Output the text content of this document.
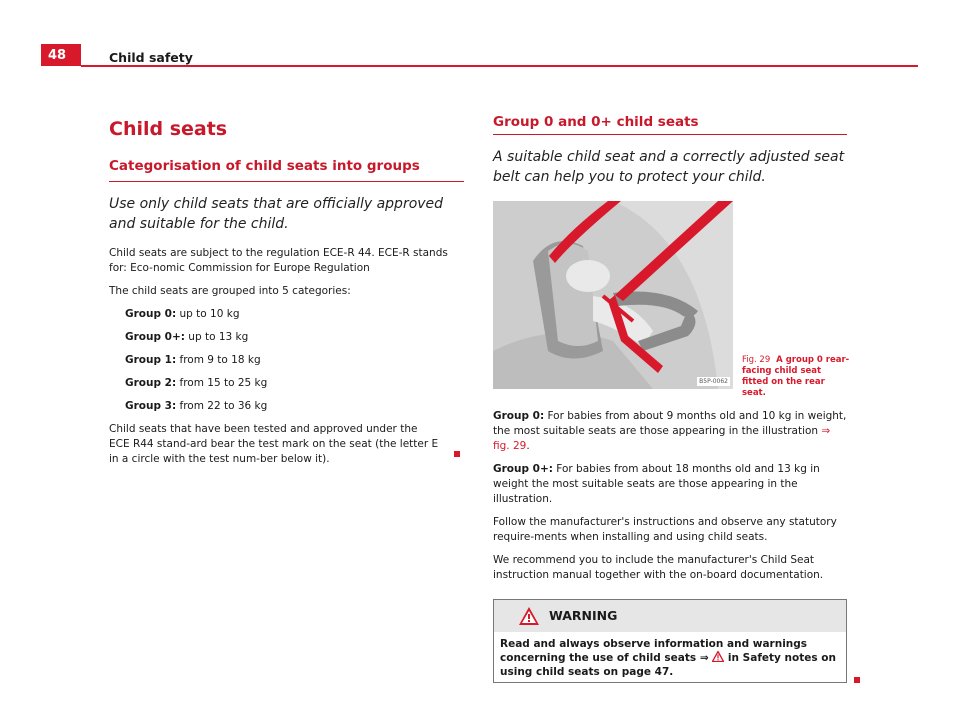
48	Child safety
Child seats
Categorisation of child seats into groups
Use only child seats that are officially approved and suitable for the child.

Child seats are subject to the regulation ECE-R 44. ECE-R stands for: Eco-nomic Commission for Europe Regulation

The child seats are grouped into 5 categories:

Group 0: up to 10 kg
Group 0+: up to 13 kg
Group 1: from 9 to 18 kg
Group 2: from 15 to 25 kg
Group 3: from 22 to 36 kg

Child seats that have been tested and approved under the ECE R44 stand-ard bear the test mark on the seat (the letter E in a circle with the test num-ber below it).

Group 0 and 0+ child seats
A suitable child seat and a correctly adjusted seat belt can help you to protect your child.
B5P-0062
Fig. 29 A group 0 rear-facing child seat fitted on the rear seat.

Group 0: For babies from about 9 months old and 10 kg in weight, the most suitable seats are those appearing in the illustration ⇒ fig. 29.

Group 0+: For babies from about 18 months old and 13 kg in weight the most suitable seats are those appearing in the illustration.

Follow the manufacturer's instructions and observe any statutory require-ments when installing and using child seats.

We recommend you to include the manufacturer's Child Seat instruction manual together with the on-board documentation.

WARNING
Read and always observe information and warnings concerning the use of child seats ⇒  in Safety notes on using child seats on page 47.
